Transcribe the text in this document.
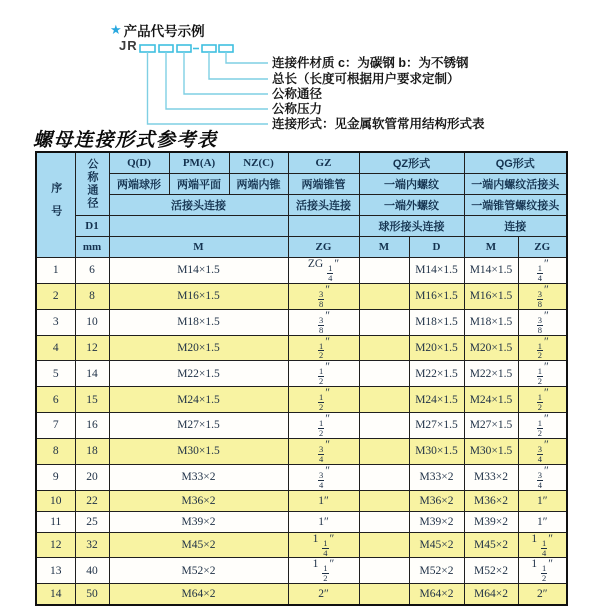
★ 产品代号示例
JR
连接件材质 c：为碳钢 b：为不锈钢
总长（长度可根据用户要求定制）
公称通径
公称压力
连接形式：见金属软管常用结构形式表
螺母连接形式参考表
序号	公称通径	Q(D)	PM(A)	NZ(C)	GZ	QZ形式		QG形式	
		两端球形	两端平面	两端内锥	两端锥管	一端内螺纹		一端内螺纹活接头	
		活接头连接			活接头连接	一端外螺纹		一端锥管螺纹接头	
	D1					球形接头连接		连接	
	mm	M			ZG	M	D	M	ZG
1	6	M14×1.5			ZG $\frac{1}{4}$ ″		M14×1.5	M14×1.5	$\frac{1}{4}$ ″
2	8	M16×1.5			$\frac{3}{8}$ ″		M16×1.5	M16×1.5	$\frac{3}{8}$ ″
3	10	M18×1.5			$\frac{3}{8}$ ″		M18×1.5	M18×1.5	$\frac{3}{8}$ ″
4	12	M20×1.5			$\frac{1}{2}$ ″		M20×1.5	M20×1.5	$\frac{1}{2}$ ″
5	14	M22×1.5			$\frac{1}{2}$ ″		M22×1.5	M22×1.5	$\frac{1}{2}$ ″
6	15	M24×1.5			$\frac{1}{2}$ ″		M24×1.5	M24×1.5	$\frac{1}{2}$ ″
7	16	M27×1.5			$\frac{1}{2}$ ″		M27×1.5	M27×1.5	$\frac{1}{2}$ ″
8	18	M30×1.5			$\frac{3}{4}$ ″		M30×1.5	M30×1.5	$\frac{3}{4}$ ″
9	20	M33×2			$\frac{3}{4}$ ″		M33×2	M33×2	$\frac{3}{4}$ ″
10	22	M36×2			1″		M36×2	M36×2	1″
11	25	M39×2			1″		M39×2	M39×2	1″
12	32	M45×2			$1 \frac{1}{4}$ ″		M45×2	M45×2	$1 \frac{1}{4}$ ″
13	40	M52×2			$1 \frac{1}{2}$ ″		M52×2	M52×2	$1 \frac{1}{2}$ ″
14	50	M64×2			2″		M64×2	M64×2	2″
